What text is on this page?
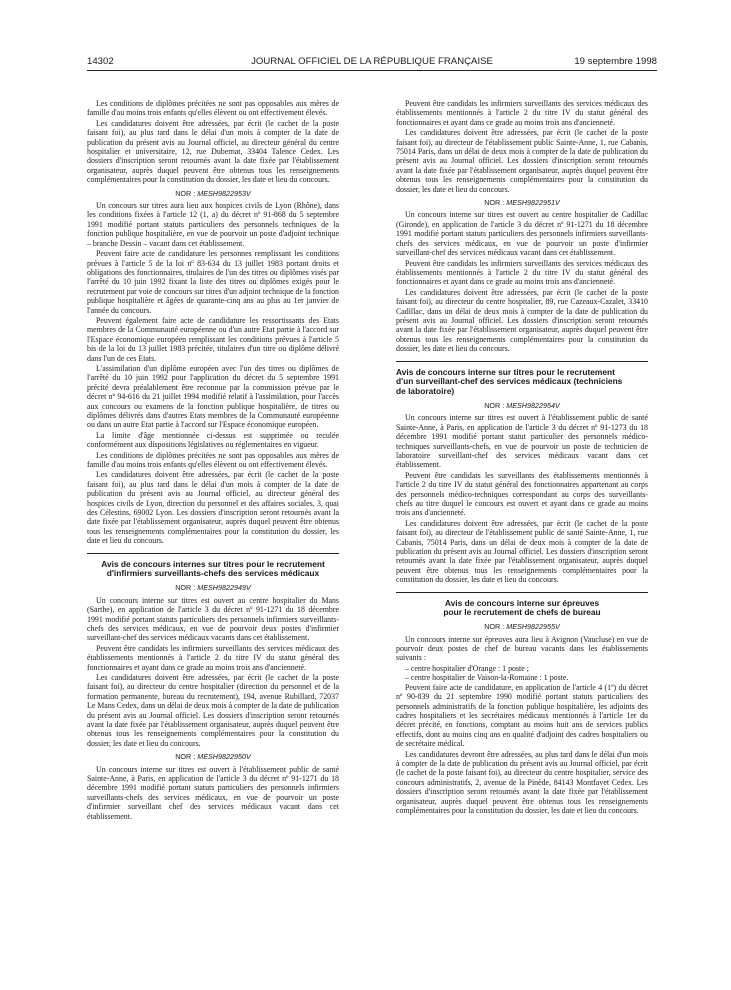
14302	JOURNAL OFFICIEL DE LA RÉPUBLIQUE FRANÇAISE	19 septembre 1998

Les conditions de diplômes précitées ne sont pas opposables aux mères de famille d'au moins trois enfants qu'elles élèvent ou ont effectivement élevés.

Les candidatures doivent être adressées, par écrit (le cachet de la poste faisant foi), au plus tard dans le délai d'un mois à compter de la date de publication du présent avis au Journal officiel, au directeur général du centre hospitalier et universitaire, 12, rue Dubernat, 33404 Talence Cedex. Les dossiers d'inscription seront retournés avant la date fixée par l'établissement organisateur, auprès duquel peuvent être obtenus tous les renseignements complémentaires pour la constitution du dossier, les date et lieu du concours.

NOR : MESH9822953V

Un concours sur titres aura lieu aux hospices civils de Lyon (Rhône), dans les conditions fixées à l'article 12 (1, a) du décret nº 91-868 du 5 septembre 1991 modifié portant statuts particuliers des personnels techniques de la fonction publique hospitalière, en vue de pourvoir un poste d'adjoint technique – branche Dessin – vacant dans cet établissement.

Peuvent faire acte de candidature les personnes remplissant les conditions prévues à l'article 5 de la loi nº 83-634 du 13 juillet 1983 portant droits et obligations des fonctionnaires, titulaires de l'un des titres ou diplômes visés par l'arrêté du 10 juin 1992 fixant la liste des titres ou diplômes exigés pour le recrutement par voie de concours sur titres d'un adjoint technique de la fonction publique hospitalière et âgées de quarante-cinq ans au plus au 1er janvier de l'année du concours.

Peuvent également faire acte de candidature les ressortissants des Etats membres de la Communauté européenne ou d'un autre Etat partie à l'accord sur l'Espace économique européen remplissant les conditions prévues à l'article 5 bis de la loi du 13 juillet 1983 précitée, titulaires d'un titre ou diplôme délivré dans l'un de ces Etats.

L'assimilation d'un diplôme européen avec l'un des titres ou diplômes de l'arrêté du 10 juin 1992 pour l'application du décret du 5 septembre 1991 précité devra préalablement être reconnue par la commission prévue par le décret nº 94-616 du 21 juillet 1994 modifié relatif à l'assimilation, pour l'accès aux concours ou examens de la fonction publique hospitalière, de titres ou diplômes délivrés dans d'autres Etats membres de la Communauté européenne ou dans un autre Etat partie à l'accord sur l'Espace économique européen.

La limite d'âge mentionnée ci-dessus est supprimée ou reculée conformément aux dispositions législatives ou réglementaires en vigueur.

Les conditions de diplômes précitées ne sont pas opposables aux mères de famille d'au moins trois enfants qu'elles élèvent ou ont effectivement élevés.

Les candidatures doivent être adressées, par écrit (le cachet de la poste faisant foi), au plus tard dans le délai d'un mois à compter de la date de publication du présent avis au Journal officiel, au directeur général des hospices civils de Lyon, direction du personnel et des affaires sociales, 3, quai des Célestins, 69002 Lyon. Les dossiers d'inscription seront retournés avant la date fixée par l'établissement organisateur, auprès duquel peuvent être obtenus tous les renseignements complémentaires pour la constitution du dossier, les date et lieu du concours.

Avis de concours internes sur titres pour le recrutement
d'infirmiers surveillants-chefs des services médicaux
NOR : MESH9822949V

Un concours interne sur titres est ouvert au centre hospitalier du Mans (Sarthe), en application de l'article 3 du décret nº 91-1271 du 18 décembre 1991 modifié portant statuts particuliers des personnels infirmiers surveillants-chefs des services médicaux, en vue de pourvoir deux postes d'infirmier surveillant-chef des services médicaux vacants dans cet établissement.

Peuvent être candidats les infirmiers surveillants des services médicaux des établissements mentionnés à l'article 2 du titre IV du statut général des fonctionnaires et ayant dans ce grade au moins trois ans d'ancienneté.

Les candidatures doivent être adressées, par écrit (le cachet de la poste faisant foi), au directeur du centre hospitalier (direction du personnel et de la formation permanente, bureau du recrutement), 194, avenue Rubillard, 72037 Le Mans Cedex, dans un délai de deux mois à compter de la date de publication du présent avis au Journal officiel. Les dossiers d'inscription seront retournés avant la date fixée par l'établissement organisateur, auprès duquel peuvent être obtenus tous les renseignements complémentaires pour la constitution du dossier, les date et lieu du concours.

NOR : MESH9822950V

Un concours interne sur titres est ouvert à l'établissement public de santé Sainte-Anne, à Paris, en application de l'article 3 du décret nº 91-1271 du 18 décembre 1991 modifié portant statuts particuliers des personnels infirmiers surveillants-chefs des services médicaux, en vue de pourvoir un poste d'infirmier surveillant chef des services médicaux vacant dans cet établissement.

Peuvent être candidats les infirmiers surveillants des services médicaux des établissements mentionnés à l'article 2 du titre IV du statut général des fonctionnaires et ayant dans ce grade au moins trois ans d'ancienneté.

Les candidatures doivent être adressées, par écrit (le cachet de la poste faisant foi), au directeur de l'établissement public Sainte-Anne, 1, rue Cabanis, 75014 Paris, dans un délai de deux mois à compter de la date de publication du présent avis au Journal officiel. Les dossiers d'inscription seront retournés avant la date fixée par l'établissement organisateur, auprès duquel peuvent être obtenus tous les renseignements complémentaires pour la constitution du dossier, les date et lieu du concours.

NOR : MESH9822951V

Un concours interne sur titres est ouvert au centre hospitalier de Cadillac (Gironde), en application de l'article 3 du décret nº 91-1271 du 18 décembre 1991 modifié portant statuts particuliers des personnels infirmiers surveillants-chefs des services médicaux, en vue de pourvoir un poste d'infirmier surveillant-chef des services médicaux vacant dans cet établissement.

Peuvent être candidats les infirmiers surveillants des services médicaux des établissements mentionnés à l'article 2 du titre IV du statut général des fonctionnaires et ayant dans ce grade au moins trois ans d'ancienneté.

Les candidatures doivent être adressées, par écrit (le cachet de la poste faisant foi), au directeur du centre hospitalier, 89, rue Cazeaux-Cazalet, 33410 Cadillac, dans un délai de deux mois à compter de la date de publication du présent avis au Journal officiel. Les dossiers d'inscription seront retournés avant la date fixée par l'établissement organisateur, auprès duquel peuvent être obtenus tous les renseignements complémentaires pour la constitution du dossier, les date et lieu du concours.

Avis de concours interne sur titres pour le recrutement
d'un surveillant-chef des services médicaux (techniciens
de laboratoire)
NOR : MESH9822954V

Un concours interne sur titres est ouvert à l'établissement public de santé Sainte-Anne, à Paris, en application de l'article 3 du décret nº 91-1273 du 18 décembre 1991 modifié portant statut particulier des personnels médico-techniques surveillants-chefs, en vue de pourvoir un poste de technicien de laboratoire surveillant-chef des services médicaux vacant dans cet établissement.

Peuvent être candidats les surveillants des établissements mentionnés à l'article 2 du titre IV du statut général des fonctionnaires appartenant au corps des personnels médico-techniques correspondant au corps des surveillants-chefs au titre duquel le concours est ouvert et ayant dans ce grade au moins trois ans d'ancienneté.

Les candidatures doivent être adressées, par écrit (le cachet de la poste faisant foi), au directeur de l'établissement public de santé Sainte-Anne, 1, rue Cabanis, 75014 Paris, dans un délai de deux mois à compter de la date de publication du présent avis au Journal officiel. Les dossiers d'inscription seront retournés avant la date fixée par l'établissement organisateur, auprès duquel peuvent être obtenus tous les renseignements complémentaires pour la constitution du dossier, les date et lieu du concours.

Avis de concours interne sur épreuves
pour le recrutement de chefs de bureau
NOR : MESH9822955V

Un concours interne sur épreuves aura lieu à Avignon (Vaucluse) en vue de pourvoir deux postes de chef de bureau vacants dans les établissements suivants :

– centre hospitalier d'Orange : 1 poste ;
– centre hospitalier de Vaison-la-Romaine : 1 poste.

Peuvent faire acte de candidature, en application de l'article 4 (1º) du décret nº 90-839 du 21 septembre 1990 modifié portant statuts particuliers des personnels administratifs de la fonction publique hospitalière, les adjoints des cadres hospitaliers et les secrétaires médicaux mentionnés à l'article 1er du décret précité, en fonctions, comptant au moins huit ans de services publics effectifs, dont au moins cinq ans en qualité d'adjoint des cadres hospitaliers ou de secrétaire médical.

Les candidatures devront être adressées, au plus tard dans le délai d'un mois à compter de la date de publication du présent avis au Journal officiel, par écrit (le cachet de la poste faisant foi), au directeur du centre hospitalier, service des concours administratifs, 2, avenue de la Pinède, 84143 Montfavet Cedex. Les dossiers d'inscription seront retournés avant la date fixée par l'établissement organisateur, auprès duquel peuvent être obtenus tous les renseignements complémentaires pour la constitution du dossier, les date et lieu du concours.
